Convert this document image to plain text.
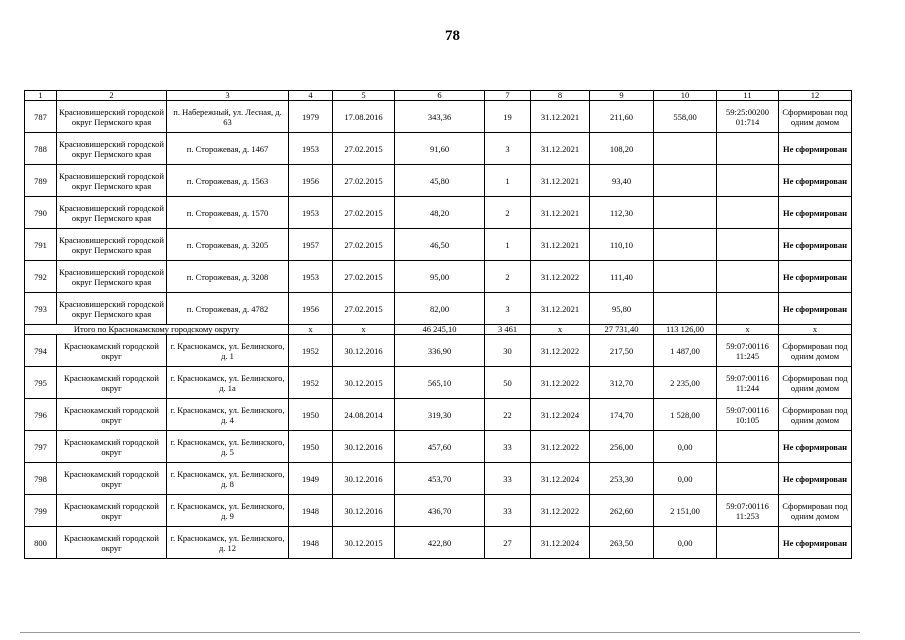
78
1	2	3	4	5	6	7	8	9	10	11	12
787	Красновишерский городской округ Пермского края	п. Набережный, ул. Лесная, д. 63	1979	17.08.2016	343,36	19	31.12.2021	211,60	558,00	59:25:00200 01:714	Сформирован под одним домом
788	Красновишерский городской округ Пермского края	п. Сторожевая, д. 1467	1953	27.02.2015	91,60	3	31.12.2021	108,20			Не сформирован
789	Красновишерский городской округ Пермского края	п. Сторожевая, д. 1563	1956	27.02.2015	45,80	1	31.12.2021	93,40			Не сформирован
790	Красновишерский городской округ Пермского края	п. Сторожевая, д. 1570	1953	27.02.2015	48,20	2	31.12.2021	112,30			Не сформирован
791	Красновишерский городской округ Пермского края	п. Сторожевая, д. 3205	1957	27.02.2015	46,50	1	31.12.2021	110,10			Не сформирован
792	Красновишерский городской округ Пермского края	п. Сторожевая, д. 3208	1953	27.02.2015	95,00	2	31.12.2022	111,40			Не сформирован
793	Красновишерский городской округ Пермского края	п. Сторожевая, д. 4782	1956	27.02.2015	82,00	3	31.12.2021	95,80			Не сформирован
Итого по Краснокамскому городскому округу			x	x	46 245,10	3 461	x	27 731,40	113 126,00	x	x
794	Краснокамский городской округ	г. Краснокамск, ул. Белинского, д. 1	1952	30.12.2016	336,90	30	31.12.2022	217,50	1 487,00	59:07:00116 11:245	Сформирован под одним домом
795	Краснокамский городской округ	г. Краснокамск, ул. Белинского, д. 1а	1952	30.12.2015	565,10	50	31.12.2022	312,70	2 235,00	59:07:00116 11:244	Сформирован под одним домом
796	Краснокамский городской округ	г. Краснокамск, ул. Белинского, д. 4	1950	24.08.2014	319,30	22	31.12.2024	174,70	1 528,00	59:07:00116 10:105	Сформирован под одним домом
797	Краснокамский городской округ	г. Краснокамск, ул. Белинского, д. 5	1950	30.12.2016	457,60	33	31.12.2022	256,00	0,00		Не сформирован
798	Краснокамский городской округ	г. Краснокамск, ул. Белинского, д. 8	1949	30.12.2016	453,70	33	31.12.2024	253,30	0,00		Не сформирован
799	Краснокамский городской округ	г. Краснокамск, ул. Белинского, д. 9	1948	30.12.2016	436,70	33	31.12.2022	262,60	2 151,00	59:07:00116 11:253	Сформирован под одним домом
800	Краснокамский городской округ	г. Краснокамск, ул. Белинского, д. 12	1948	30.12.2015	422,80	27	31.12.2024	263,50	0,00		Не сформирован
